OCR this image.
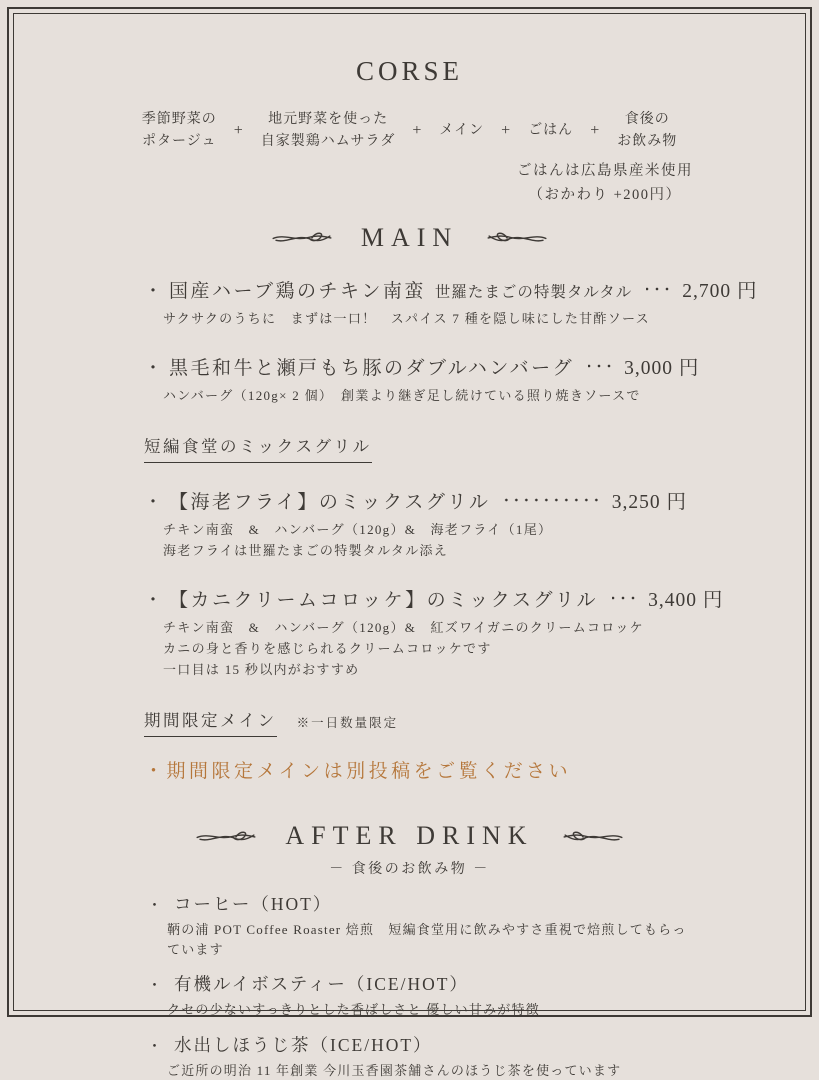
CORSE
季節野菜の
ポタージュ
+
地元野菜を使った
自家製鶏ハムサラダ
+ メイン + ごはん +
食後の
お飲み物
ごはんは広島県産米使用
（おかわり +200円）
MAIN
・ 国産ハーブ鶏のチキン南蛮 世羅たまごの特製タルタル	2,700 円
サクサクのうちに　まずは一口！　スパイス 7 種を隠し味にした甘酢ソース
・ 黒毛和牛と瀬戸もち豚のダブルハンバーグ	3,000 円
ハンバーグ（120g× 2 個）　創業より継ぎ足し続けている照り焼きソースで
短編食堂のミックスグリル
・ 【海老フライ】のミックスグリル	3,250 円
チキン南蛮　&　ハンバーグ（120g）&　海老フライ（1尾）
海老フライは世羅たまごの特製タルタル添え
・ 【カニクリームコロッケ】のミックスグリル	3,400 円
チキン南蛮　&　ハンバーグ（120g）&　紅ズワイガニのクリームコロッケ
カニの身と香りを感じられるクリームコロッケです
一口目は 15 秒以内がおすすめ
期間限定メイン ※一日数量限定
・期間限定メインは別投稿をご覧ください
AFTER DRINK
－ 食後のお飲み物 －
・ コーヒー（HOT）
鞆の浦 POT Coffee Roaster 焙煎　短編食堂用に飲みやすさ重視で焙煎してもらっています
・ 有機ルイボスティー（ICE/HOT）
クセの少ないすっきりとした香ばしさと 優しい甘みが特徴
・ 水出しほうじ茶（ICE/HOT）
ご近所の明治 11 年創業 今川玉香園茶舗さんのほうじ茶を使っています
